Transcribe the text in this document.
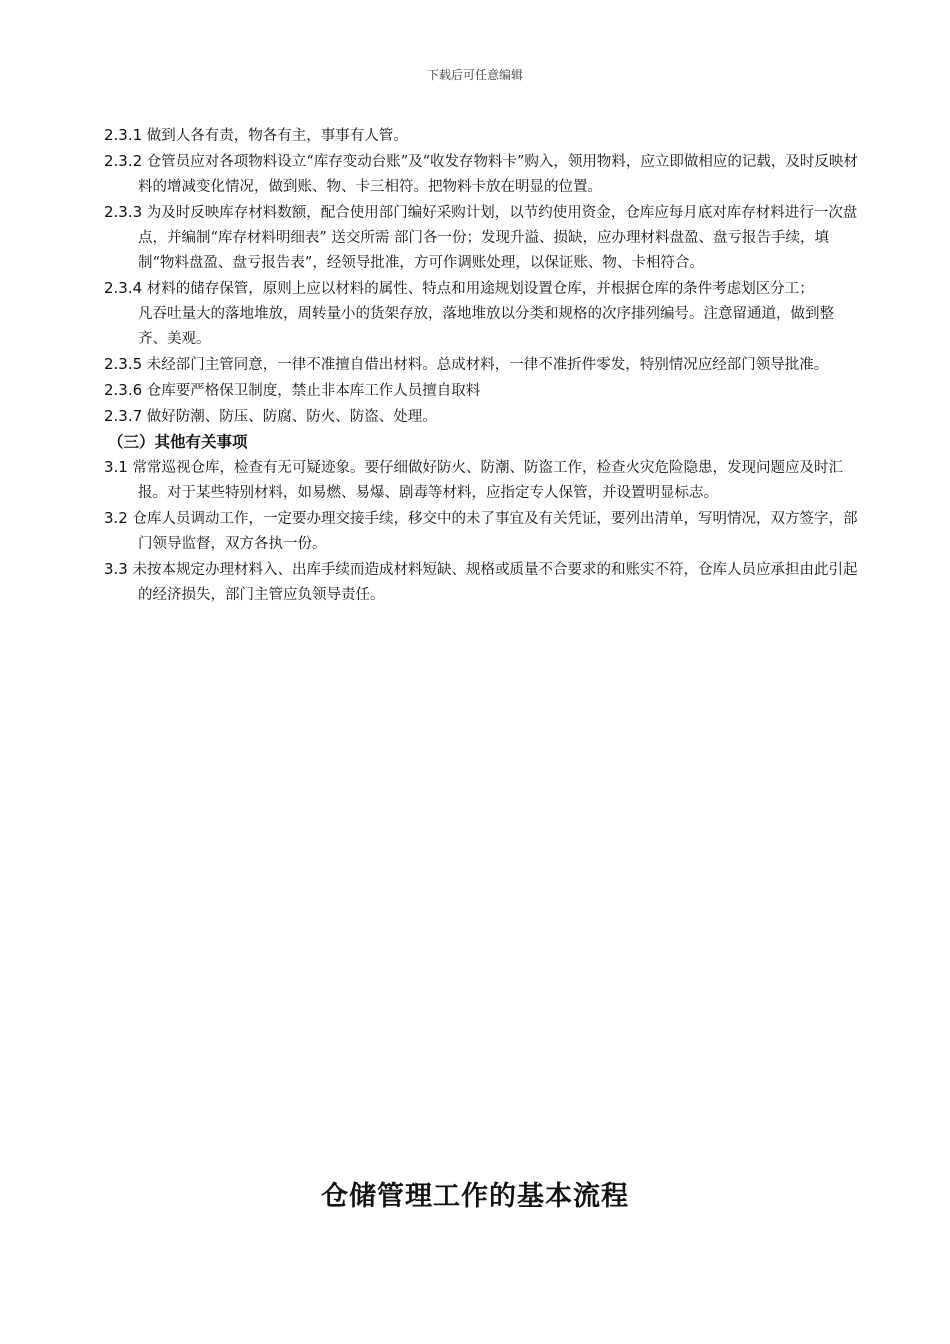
下载后可任意编辑
2.3.1 做到人各有责，物各有主，事事有人管。
2.3.2 仓管员应对各项物料设立“库存变动台账”及“收发存物料卡”购入，领用物料，应立即做相应的记载，及时反映材料的增减变化情况，做到账、物、卡三相符。把物料卡放在明显的位置。
2.3.3 为及时反映库存材料数额，配合使用部门编好采购计划，以节约使用资金，仓库应每月底对库存材料进行一次盘点，并编制“库存材料明细表” 送交所需 部门各一份；发现升溢、损缺，应办理材料盘盈、盘亏报告手续，填制“物料盘盈、盘亏报告表”，经领导批准，方可作调账处理，以保证账、物、卡相符合。
2.3.4 材料的储存保管，原则上应以材料的属性、特点和用途规划设置仓库，并根据仓库的条件考虑划区分工；
凡吞吐量大的落地堆放，周转量小的货架存放，落地堆放以分类和规格的次序排列编号。注意留通道，做到整齐、美观。
2.3.5 未经部门主管同意，一律不准擅自借出材料。总成材料，一律不准折件零发，特别情况应经部门领导批准。
2.3.6 仓库要严格保卫制度，禁止非本库工作人员擅自取料
2.3.7 做好防潮、防压、防腐、防火、防盗、处理。
（三）其他有关事项
3.1 常常巡视仓库，检查有无可疑迹象。要仔细做好防火、防潮、防盗工作，检查火灾危险隐患，发现问题应及时汇报。对于某些特别材料，如易燃、易爆、剧毒等材料，应指定专人保管，并设置明显标志。
3.2 仓库人员调动工作，一定要办理交接手续，移交中的未了事宜及有关凭证，要列出清单，写明情况，双方签字，部门领导监督，双方各执一份。
3.3 未按本规定办理材料入、出库手续而造成材料短缺、规格或质量不合要求的和账实不符，仓库人员应承担由此引起的经济损失，部门主管应负领导责任。
仓储管理工作的基本流程
